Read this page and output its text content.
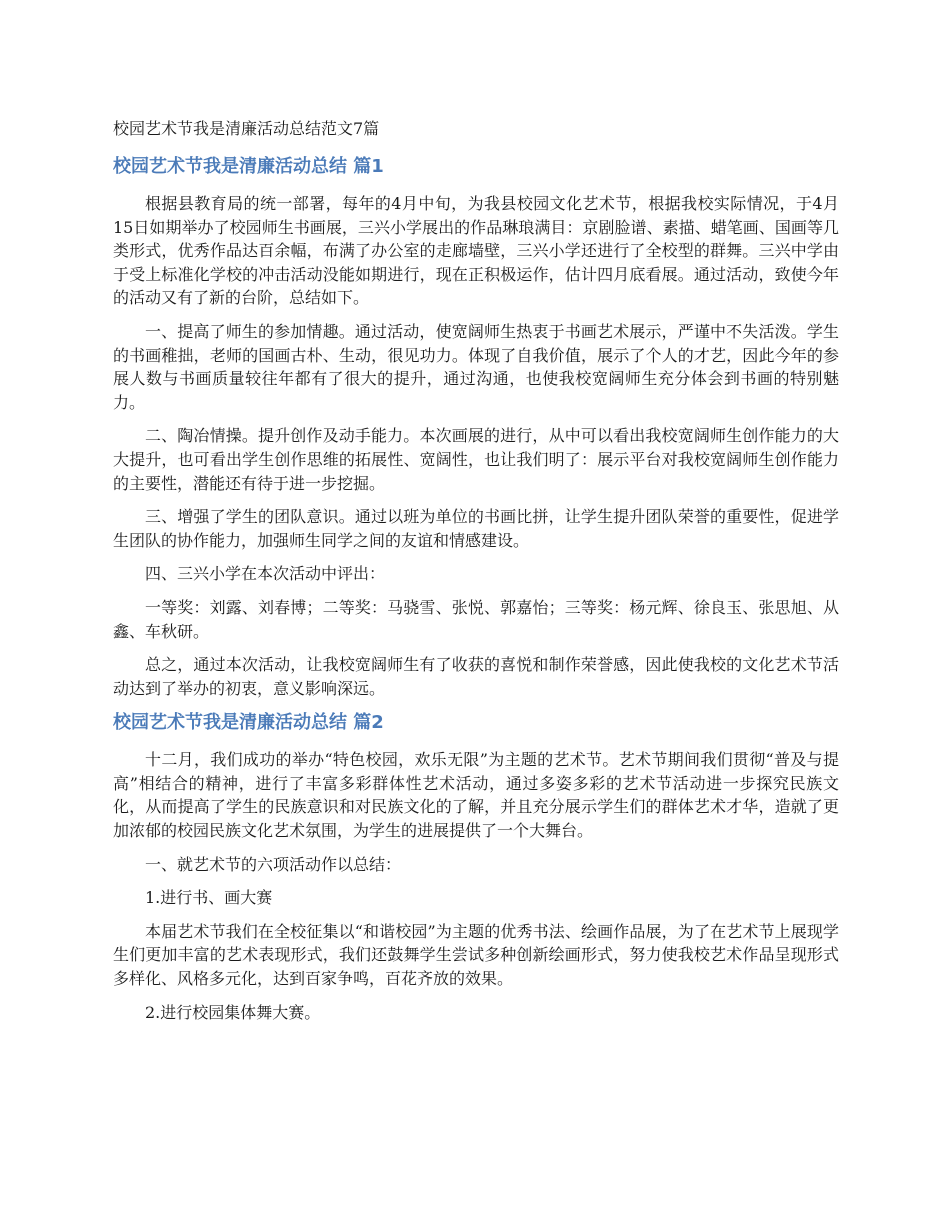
校园艺术节我是清廉活动总结范文7篇
校园艺术节我是清廉活动总结 篇1

根据县教育局的统一部署，每年的4月中旬，为我县校园文化艺术节，根据我校实际情况，于4月15日如期举办了校园师生书画展，三兴小学展出的作品琳琅满目：京剧脸谱、素描、蜡笔画、国画等几类形式，优秀作品达百余幅，布满了办公室的走廊墙壁，三兴小学还进行了全校型的群舞。三兴中学由于受上标准化学校的冲击活动没能如期进行，现在正积极运作，估计四月底看展。通过活动，致使今年的活动又有了新的台阶，总结如下。

一、提高了师生的参加情趣。通过活动，使宽阔师生热衷于书画艺术展示，严谨中不失活泼。学生的书画稚拙，老师的国画古朴、生动，很见功力。体现了自我价值，展示了个人的才艺，因此今年的参展人数与书画质量较往年都有了很大的提升，通过沟通，也使我校宽阔师生充分体会到书画的特别魅力。

二、陶冶情操。提升创作及动手能力。本次画展的进行，从中可以看出我校宽阔师生创作能力的大大提升，也可看出学生创作思维的拓展性、宽阔性，也让我们明了：展示平台对我校宽阔师生创作能力的主要性，潜能还有待于进一步挖掘。

三、增强了学生的团队意识。通过以班为单位的书画比拼，让学生提升团队荣誉的重要性，促进学生团队的协作能力，加强师生同学之间的友谊和情感建设。

四、三兴小学在本次活动中评出：

一等奖：刘露、刘春博；二等奖：马骁雪、张悦、郭嘉怡；三等奖：杨元辉、徐良玉、张思旭、从鑫、车秋研。

总之，通过本次活动，让我校宽阔师生有了收获的喜悦和制作荣誉感，因此使我校的文化艺术节活动达到了举办的初衷，意义影响深远。

校园艺术节我是清廉活动总结 篇2

十二月，我们成功的举办“特色校园，欢乐无限”为主题的艺术节。艺术节期间我们贯彻“普及与提高”相结合的精神，进行了丰富多彩群体性艺术活动，通过多姿多彩的艺术节活动进一步探究民族文化，从而提高了学生的民族意识和对民族文化的了解，并且充分展示学生们的群体艺术才华，造就了更加浓郁的校园民族文化艺术氛围，为学生的进展提供了一个大舞台。

一、就艺术节的六项活动作以总结：

1.进行书、画大赛

本届艺术节我们在全校征集以“和谐校园”为主题的优秀书法、绘画作品展，为了在艺术节上展现学生们更加丰富的艺术表现形式，我们还鼓舞学生尝试多种创新绘画形式，努力使我校艺术作品呈现形式多样化、风格多元化，达到百家争鸣，百花齐放的效果。

2.进行校园集体舞大赛。
